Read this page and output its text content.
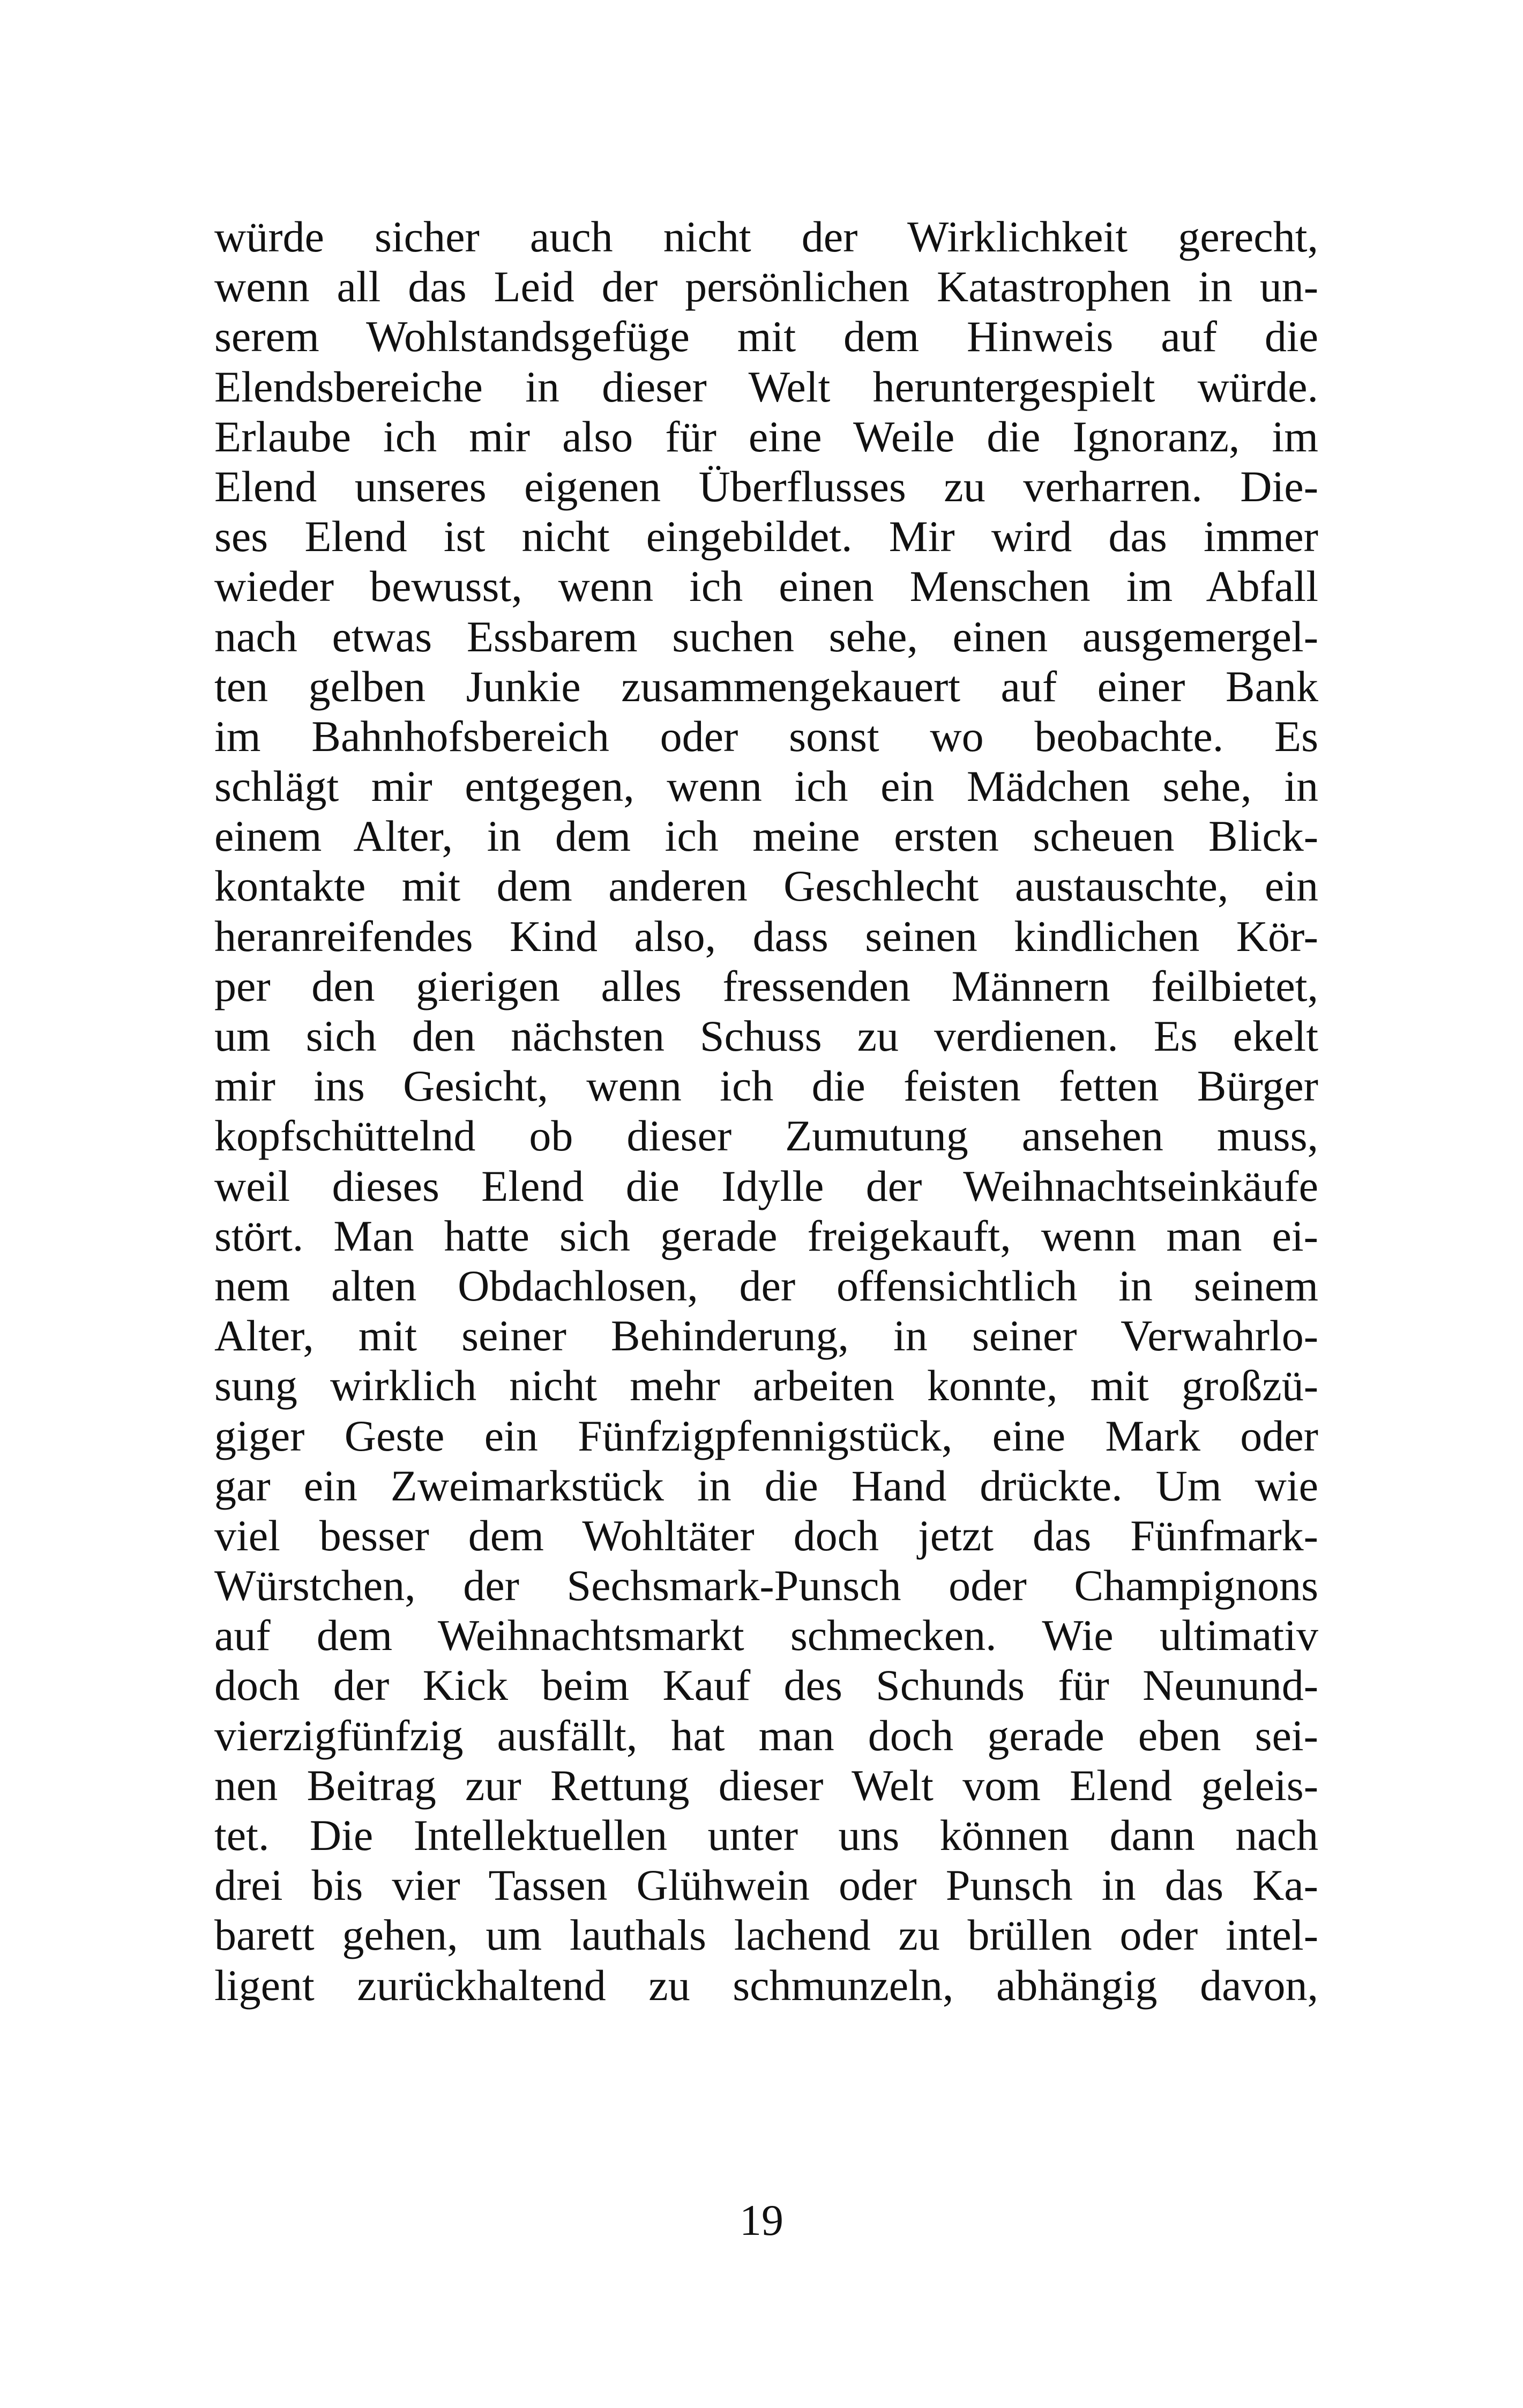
würde sicher auch nicht der Wirklichkeit gerecht,
wenn all das Leid der persönlichen Katastrophen in un-
serem Wohlstandsgefüge mit dem Hinweis auf die
Elendsbereiche in dieser Welt heruntergespielt würde.
Erlaube ich mir also für eine Weile die Ignoranz, im
Elend unseres eigenen Überflusses zu verharren. Die-
ses Elend ist nicht eingebildet. Mir wird das immer
wieder bewusst, wenn ich einen Menschen im Abfall
nach etwas Essbarem suchen sehe, einen ausgemergel-
ten gelben Junkie zusammengekauert auf einer Bank
im Bahnhofsbereich oder sonst wo beobachte. Es
schlägt mir entgegen, wenn ich ein Mädchen sehe, in
einem Alter, in dem ich meine ersten scheuen Blick-
kontakte mit dem anderen Geschlecht austauschte, ein
heranreifendes Kind also, dass seinen kindlichen Kör-
per den gierigen alles fressenden Männern feilbietet,
um sich den nächsten Schuss zu verdienen. Es ekelt
mir ins Gesicht, wenn ich die feisten fetten Bürger
kopfschüttelnd ob dieser Zumutung ansehen muss,
weil dieses Elend die Idylle der Weihnachtseinkäufe
stört. Man hatte sich gerade freigekauft, wenn man ei-
nem alten Obdachlosen, der offensichtlich in seinem
Alter, mit seiner Behinderung, in seiner Verwahrlo-
sung wirklich nicht mehr arbeiten konnte, mit großzü-
giger Geste ein Fünfzigpfennigstück, eine Mark oder
gar ein Zweimarkstück in die Hand drückte. Um wie
viel besser dem Wohltäter doch jetzt das Fünfmark-
Würstchen, der Sechsmark-Punsch oder Champignons
auf dem Weihnachtsmarkt schmecken. Wie ultimativ
doch der Kick beim Kauf des Schunds für Neunund-
vierzigfünfzig ausfällt, hat man doch gerade eben sei-
nen Beitrag zur Rettung dieser Welt vom Elend geleis-
tet. Die Intellektuellen unter uns können dann nach
drei bis vier Tassen Glühwein oder Punsch in das Ka-
barett gehen, um lauthals lachend zu brüllen oder intel-
ligent zurückhaltend zu schmunzeln, abhängig davon,
19
